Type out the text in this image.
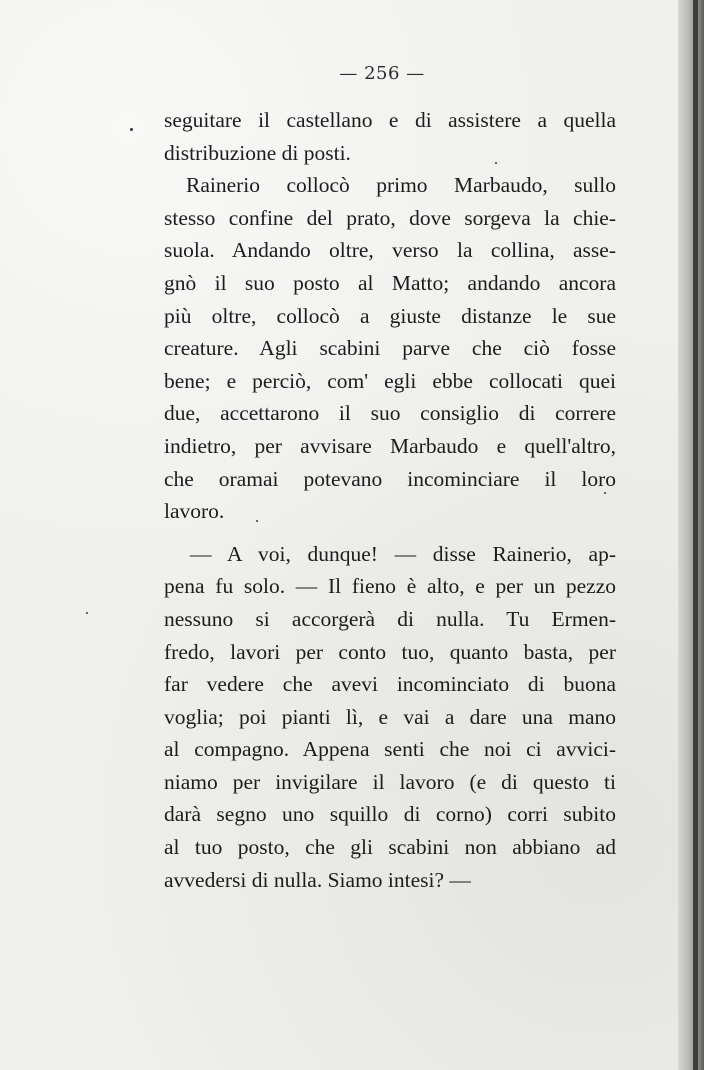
— 256 —
seguitare il castellano e di assistere a quella
distribuzione di posti.
Rainerio collocò primo Marbaudo, sullo
stesso confine del prato, dove sorgeva la chie-
suola. Andando oltre, verso la collina, asse-
gnò il suo posto al Matto; andando ancora
più oltre, collocò a giuste distanze le sue
creature. Agli scabini parve che ciò fosse
bene; e perciò, com' egli ebbe collocati quei
due, accettarono il suo consiglio di correre
indietro, per avvisare Marbaudo e quell'altro,
che oramai potevano incominciare il loro
lavoro.
— A voi, dunque! — disse Rainerio, ap-
pena fu solo. — Il fieno è alto, e per un pezzo
nessuno si accorgerà di nulla. Tu Ermen-
fredo, lavori per conto tuo, quanto basta, per
far vedere che avevi incominciato di buona
voglia; poi pianti lì, e vai a dare una mano
al compagno. Appena senti che noi ci avvici-
niamo per invigilare il lavoro (e di questo ti
darà segno uno squillo di corno) corri subito
al tuo posto, che gli scabini non abbiano ad
avvedersi di nulla. Siamo intesi? —
